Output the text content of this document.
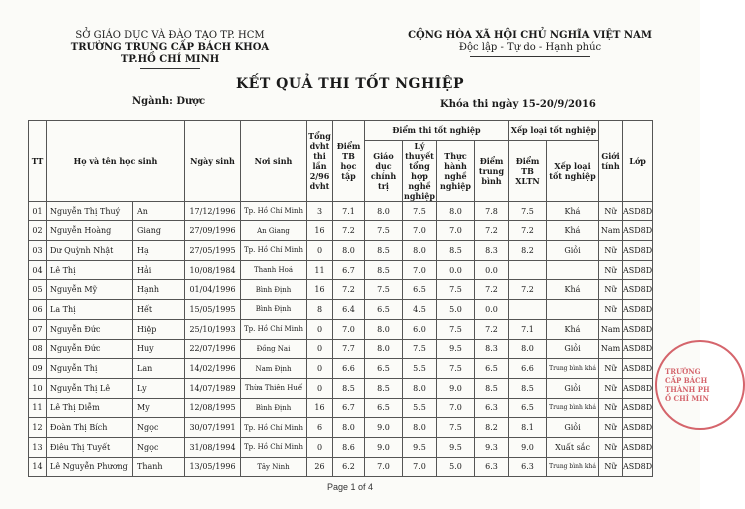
SỞ GIÁO DỤC VÀ ĐÀO TẠO TP. HCM
TRƯỜNG TRUNG CẤP BÁCH KHOA
TP.HỒ CHÍ MINH
CỘNG HÒA XÃ HỘI CHỦ NGHĨA VIỆT NAM
Độc lập - Tự do - Hạnh phúc
KẾT QUẢ THI TỐT NGHIỆP
Ngành: Dược	Khóa thi ngày 15-20/9/2016
TT	Họ và tên học sinh		Ngày sinh	Nơi sinh	Tổng dvht thi lần 2/96 dvht	Điểm TB học tập	Điểm thi tốt nghiệp				Xếp loại tốt nghiệp		Giới tính	Lớp
							Giáo dục chính trị	Lý thuyết tổng hợp nghề nghiệp	Thực hành nghề nghiệp	Điểm trung bình	Điểm TB XLTN	Xếp loại tốt nghiệp		
01	Nguyễn Thị Thuý	An	17/12/1996	Tp. Hồ Chí Minh	3	7.1	8.0	7.5	8.0	7.8	7.5	Khá	Nữ	ASD8D
02	Nguyễn Hoàng	Giang	27/09/1996	An Giang	16	7.2	7.5	7.0	7.0	7.2	7.2	Khá	Nam	ASD8D
03	Dư Quỳnh Nhật	Hạ	27/05/1995	Tp. Hồ Chí Minh	0	8.0	8.5	8.0	8.5	8.3	8.2	Giỏi	Nữ	ASD8D
04	Lê Thị	Hải	10/08/1984	Thanh Hoá	11	6.7	8.5	7.0	0.0	0.0			Nữ	ASD8D
05	Nguyễn Mỹ	Hạnh	01/04/1996	Bình Định	16	7.2	7.5	6.5	7.5	7.2	7.2	Khá	Nữ	ASD8D
06	La Thị	Hết	15/05/1995	Bình Định	8	6.4	6.5	4.5	5.0	0.0			Nữ	ASD8D
07	Nguyễn Đức	Hiệp	25/10/1993	Tp. Hồ Chí Minh	0	7.0	8.0	6.0	7.5	7.2	7.1	Khá	Nam	ASD8D
08	Nguyễn Đức	Huy	22/07/1996	Đồng Nai	0	7.7	8.0	7.5	9.5	8.3	8.0	Giỏi	Nam	ASD8D
09	Nguyễn Thị	Lan	14/02/1996	Nam Định	0	6.6	6.5	5.5	7.5	6.5	6.6	Trung bình khá	Nữ	ASD8D
10	Nguyễn Thị Lê	Ly	14/07/1989	Thừa Thiên Huế	0	8.5	8.5	8.0	9.0	8.5	8.5	Giỏi	Nữ	ASD8D
11	Lê Thị Diễm	My	12/08/1995	Bình Định	16	6.7	6.5	5.5	7.0	6.3	6.5	Trung bình khá	Nữ	ASD8D
12	Đoàn Thị Bích	Ngọc	30/07/1991	Tp. Hồ Chí Minh	6	8.0	9.0	8.0	7.5	8.2	8.1	Giỏi	Nữ	ASD8D
13	Điêu Thị Tuyết	Ngọc	31/08/1994	Tp. Hồ Chí Minh	0	8.6	9.0	9.5	9.5	9.3	9.0	Xuất sắc	Nữ	ASD8D
14	Lê Nguyễn Phương	Thanh	13/05/1996	Tây Ninh	26	6.2	7.0	7.0	5.0	6.3	6.3	Trung bình khá	Nữ	ASD8D
TRƯỜNG
CẤP BÁCH
THÀNH PH
Ồ CHÍ MIN
Page 1 of 4
